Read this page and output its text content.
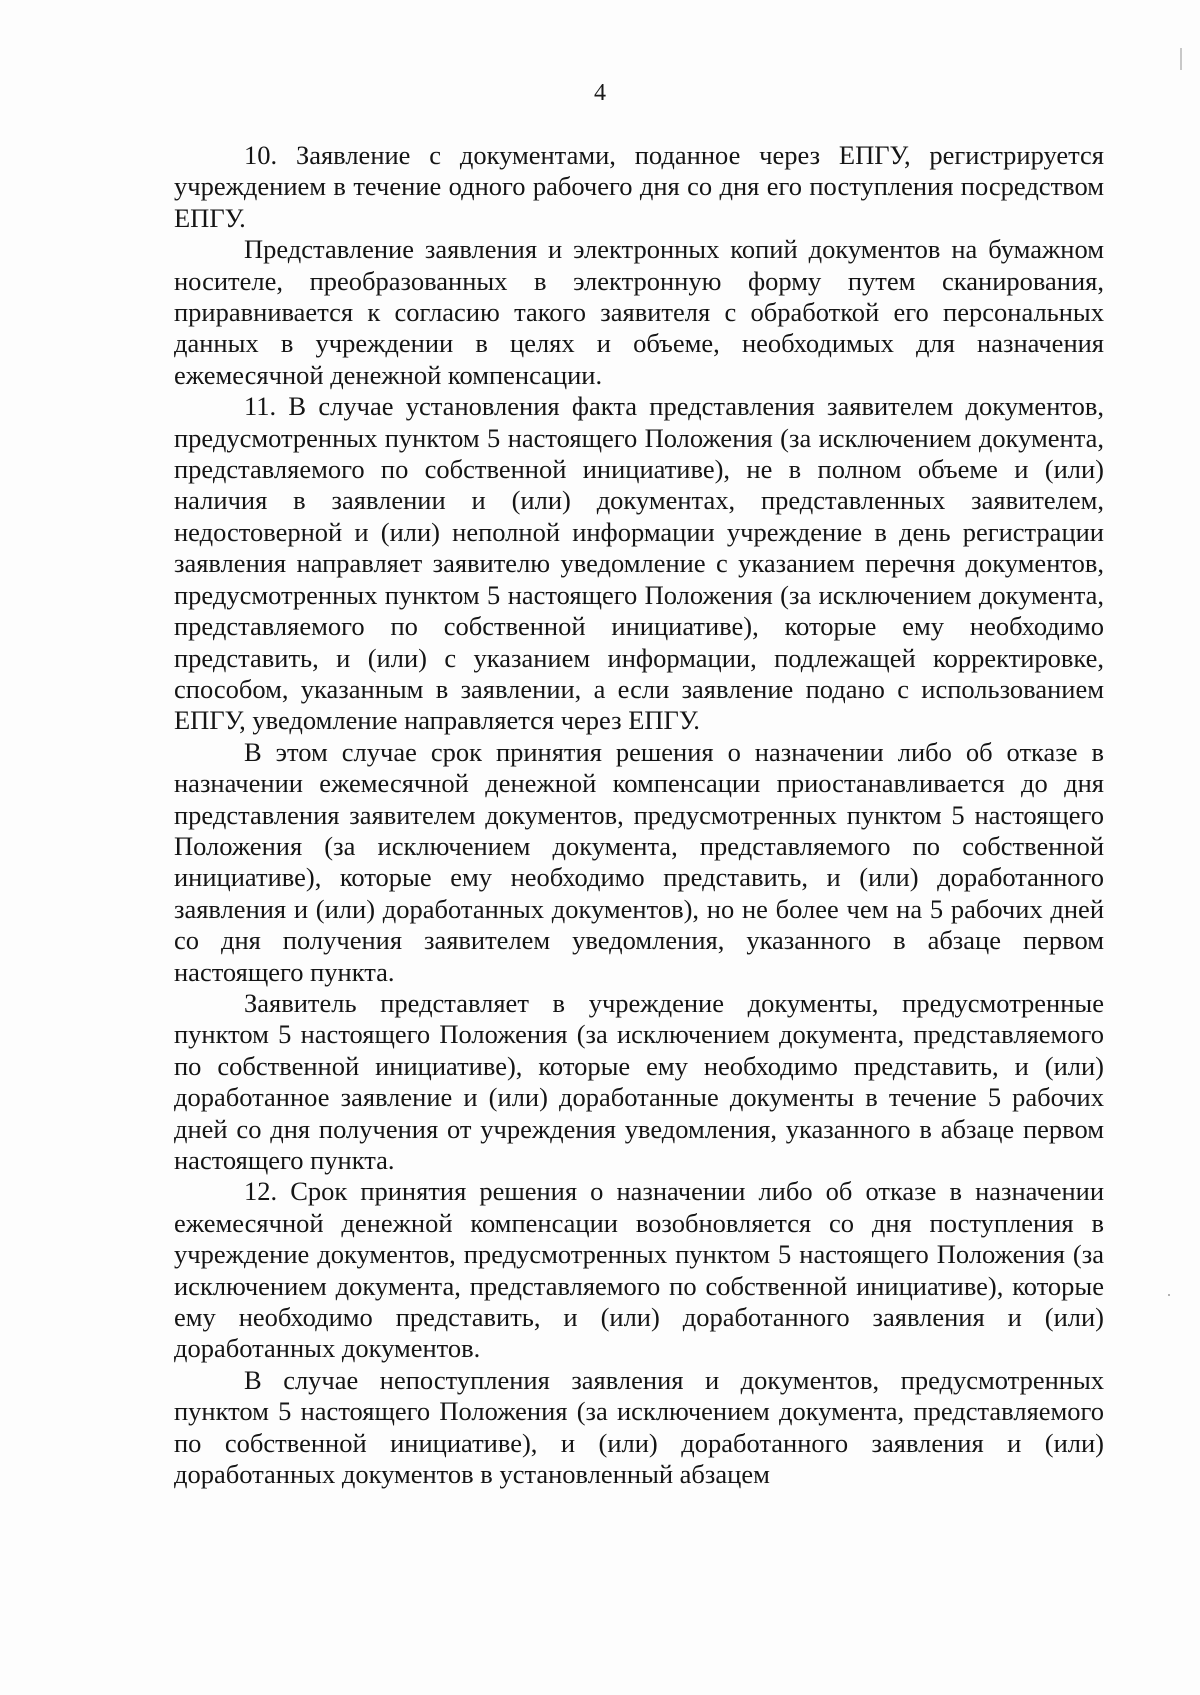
4

10. Заявление с документами, поданное через ЕПГУ, регистрируется учреждением в течение одного рабочего дня со дня его поступления посредством ЕПГУ.

Представление заявления и электронных копий документов на бумажном носителе, преобразованных в электронную форму путем сканирования, приравнивается к согласию такого заявителя с обработкой его персональных данных в учреждении в целях и объеме, необходимых для назначения ежемесячной денежной компенсации.

11. В случае установления факта представления заявителем документов, предусмотренных пунктом 5 настоящего Положения (за исключением документа, представляемого по собственной инициативе), не в полном объеме и (или) наличия в заявлении и (или) документах, представленных заявителем, недостоверной и (или) неполной информации учреждение в день регистрации заявления направляет заявителю уведомление с указанием перечня документов, предусмотренных пунктом 5 настоящего Положения (за исключением документа, представляемого по собственной инициативе), которые ему необходимо представить, и (или) с указанием информации, подлежащей корректировке, способом, указанным в заявлении, а если заявление подано с использованием ЕПГУ, уведомление направляется через ЕПГУ.

В этом случае срок принятия решения о назначении либо об отказе в назначении ежемесячной денежной компенсации приостанавливается до дня представления заявителем документов, предусмотренных пунктом 5 настоящего Положения (за исключением документа, представляемого по собственной инициативе), которые ему необходимо представить, и (или) доработанного заявления и (или) доработанных документов), но не более чем на 5 рабочих дней со дня получения заявителем уведомления, указанного в абзаце первом настоящего пункта.

Заявитель представляет в учреждение документы, предусмотренные пунктом 5 настоящего Положения (за исключением документа, представляемого по собственной инициативе), которые ему необходимо представить, и (или) доработанное заявление и (или) доработанные документы в течение 5 рабочих дней со дня получения от учреждения уведомления, указанного в абзаце первом настоящего пункта.

12. Срок принятия решения о назначении либо об отказе в назначении ежемесячной денежной компенсации возобновляется со дня поступления в учреждение документов, предусмотренных пунктом 5 настоящего Положения (за исключением документа, представляемого по собственной инициативе), которые ему необходимо представить, и (или) доработанного заявления и (или) доработанных документов.

В случае непоступления заявления и документов, предусмотренных пунктом 5 настоящего Положения (за исключением документа, представляемого по собственной инициативе), и (или) доработанного заявления и (или) доработанных документов в установленный абзацем
